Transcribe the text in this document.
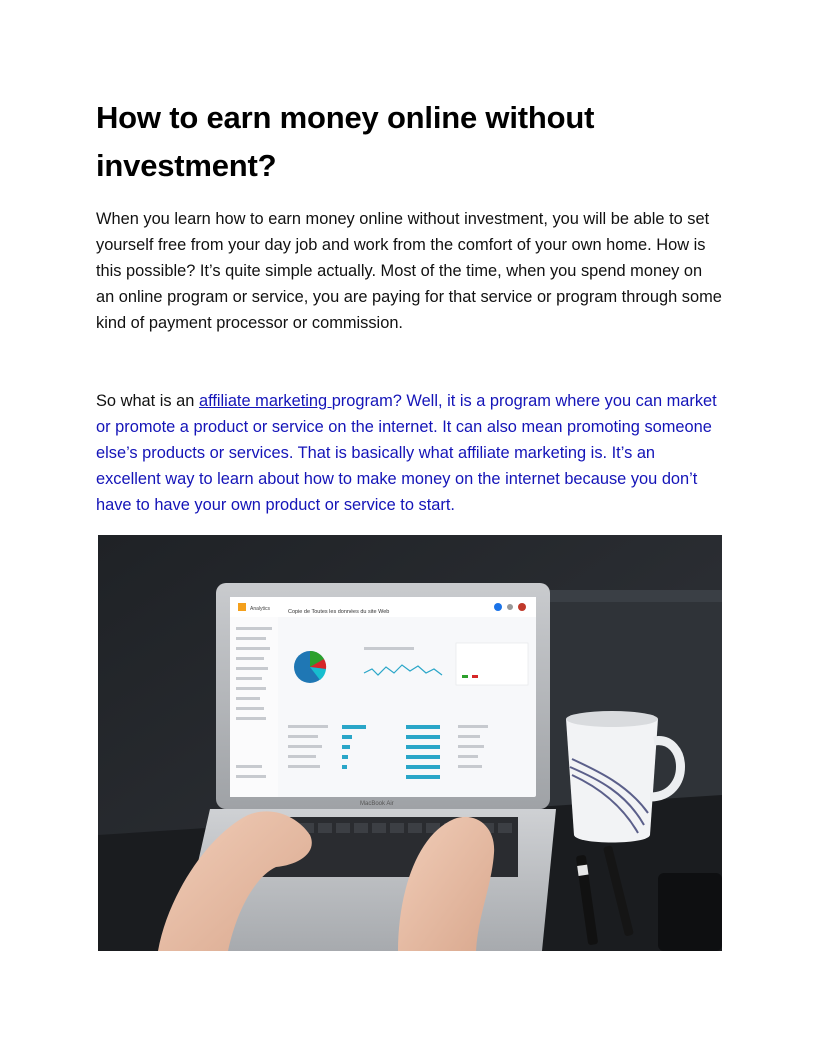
How to earn money online without investment?

When you learn how to earn money online without investment, you will be able to set yourself free from your day job and work from the comfort of your own home. How is this possible? It’s quite simple actually. Most of the time, when you spend money on an online program or service, you are paying for that service or program through some kind of payment processor or commission.

So what is an affiliate marketing program? Well, it is a program where you can market or promote a product or service on the internet. It can also mean promoting someone else’s products or services. That is basically what affiliate marketing is. It’s an excellent way to learn about how to make money on the internet because you don’t have to have your own product or service to start.

Analytics	Copie de Toutes les données du site Web
MacBook Air
